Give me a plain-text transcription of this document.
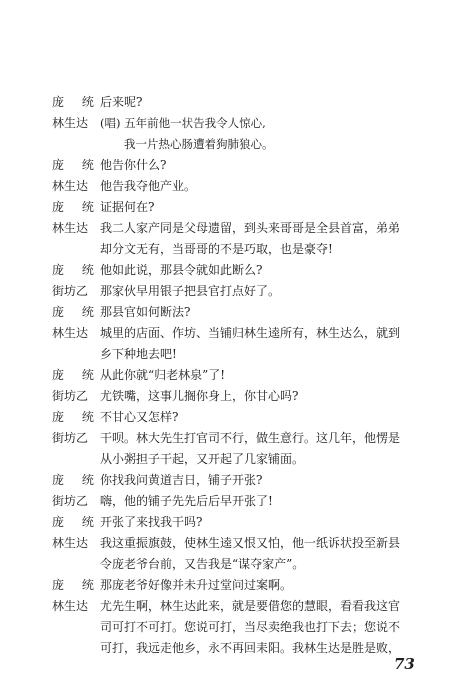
庞 统 后来呢?
林生达	(唱) 五年前他一状告我令人惊心,
我一片热心肠遭着狗肺狼心。
庞 统 他告你什么?
林生达 他告我夺他产业。
庞 统 证据何在?
林生达 我二人家产同是父母遗留，到头来哥哥是全县首富，弟弟
却分文无有，当哥哥的不是巧取，也是豪夺!
庞 统 他如此说，那县令就如此断么?
街坊乙 那家伙早用银子把县官打点好了。
庞 统 那县官如何断法?
林生达 城里的店面、作坊、当铺归林生逵所有，林生达么，就到
乡下种地去吧!
庞 统 从此你就“归老林泉”了!
街坊乙 尤铁嘴，这事儿搁你身上，你甘心吗?
庞 统 不甘心又怎样?
街坊乙 干呗。林大先生打官司不行，做生意行。这几年，他愣是
从小粥担子干起，又开起了几家铺面。
庞 统 你找我问黄道吉日，铺子开张?
街坊乙 嗨，他的铺子先先后后早开张了!
庞 统 开张了来找我干吗?
林生达 我这重振旗鼓，使林生逵又恨又怕，他一纸诉状投至新县
令庞老爷台前，又告我是“谋夺家产”。
庞 统 那庞老爷好像并未升过堂问过案啊。
林生达 尤先生啊，林生达此来，就是要借您的慧眼，看看我这官
司可打不可打。您说可打，当尽卖绝我也打下去；您说不
可打，我远走他乡，永不再回耒阳。我林生达是胜是败，
73
